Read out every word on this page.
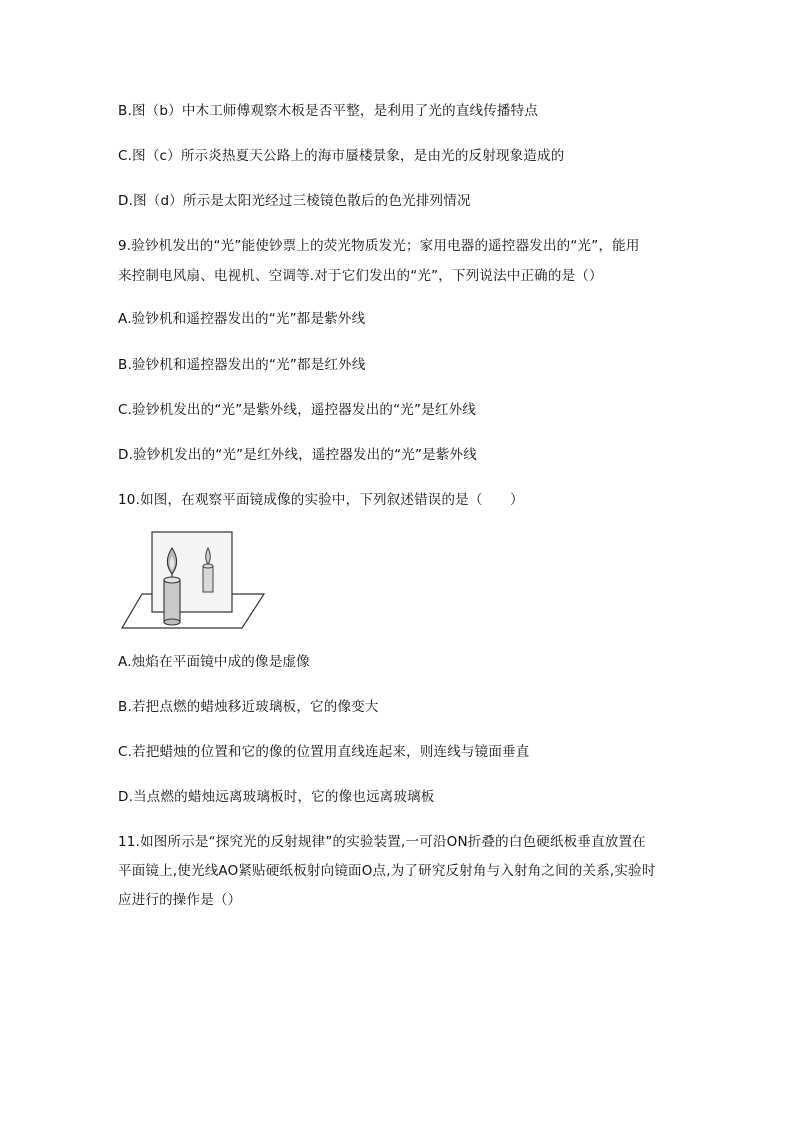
B.图（b）中木工师傅观察木板是否平整，是利用了光的直线传播特点
C.图（c）所示炎热夏天公路上的海市蜃楼景象，是由光的反射现象造成的
D.图（d）所示是太阳光经过三棱镜色散后的色光排列情况
9.验钞机发出的“光”能使钞票上的荧光物质发光；家用电器的遥控器发出的“光”，能用
来控制电风扇、电视机、空调等.对于它们发出的“光”，下列说法中正确的是（）
A.验钞机和遥控器发出的“光”都是紫外线
B.验钞机和遥控器发出的“光”都是红外线
C.验钞机发出的“光”是紫外线，遥控器发出的“光”是红外线
D.验钞机发出的“光”是红外线，遥控器发出的“光”是紫外线
10.如图，在观察平面镜成像的实验中，下列叙述错误的是（　　）
A.烛焰在平面镜中成的像是虚像
B.若把点燃的蜡烛移近玻璃板，它的像变大
C.若把蜡烛的位置和它的像的位置用直线连起来，则连线与镜面垂直
D.当点燃的蜡烛远离玻璃板时，它的像也远离玻璃板
11.如图所示是“探究光的反射规律”的实验装置,一可沿ON折叠的白色硬纸板垂直放置在
平面镜上,使光线AO紧贴硬纸板射向镜面O点,为了研究反射角与入射角之间的关系,实验时
应进行的操作是（）
